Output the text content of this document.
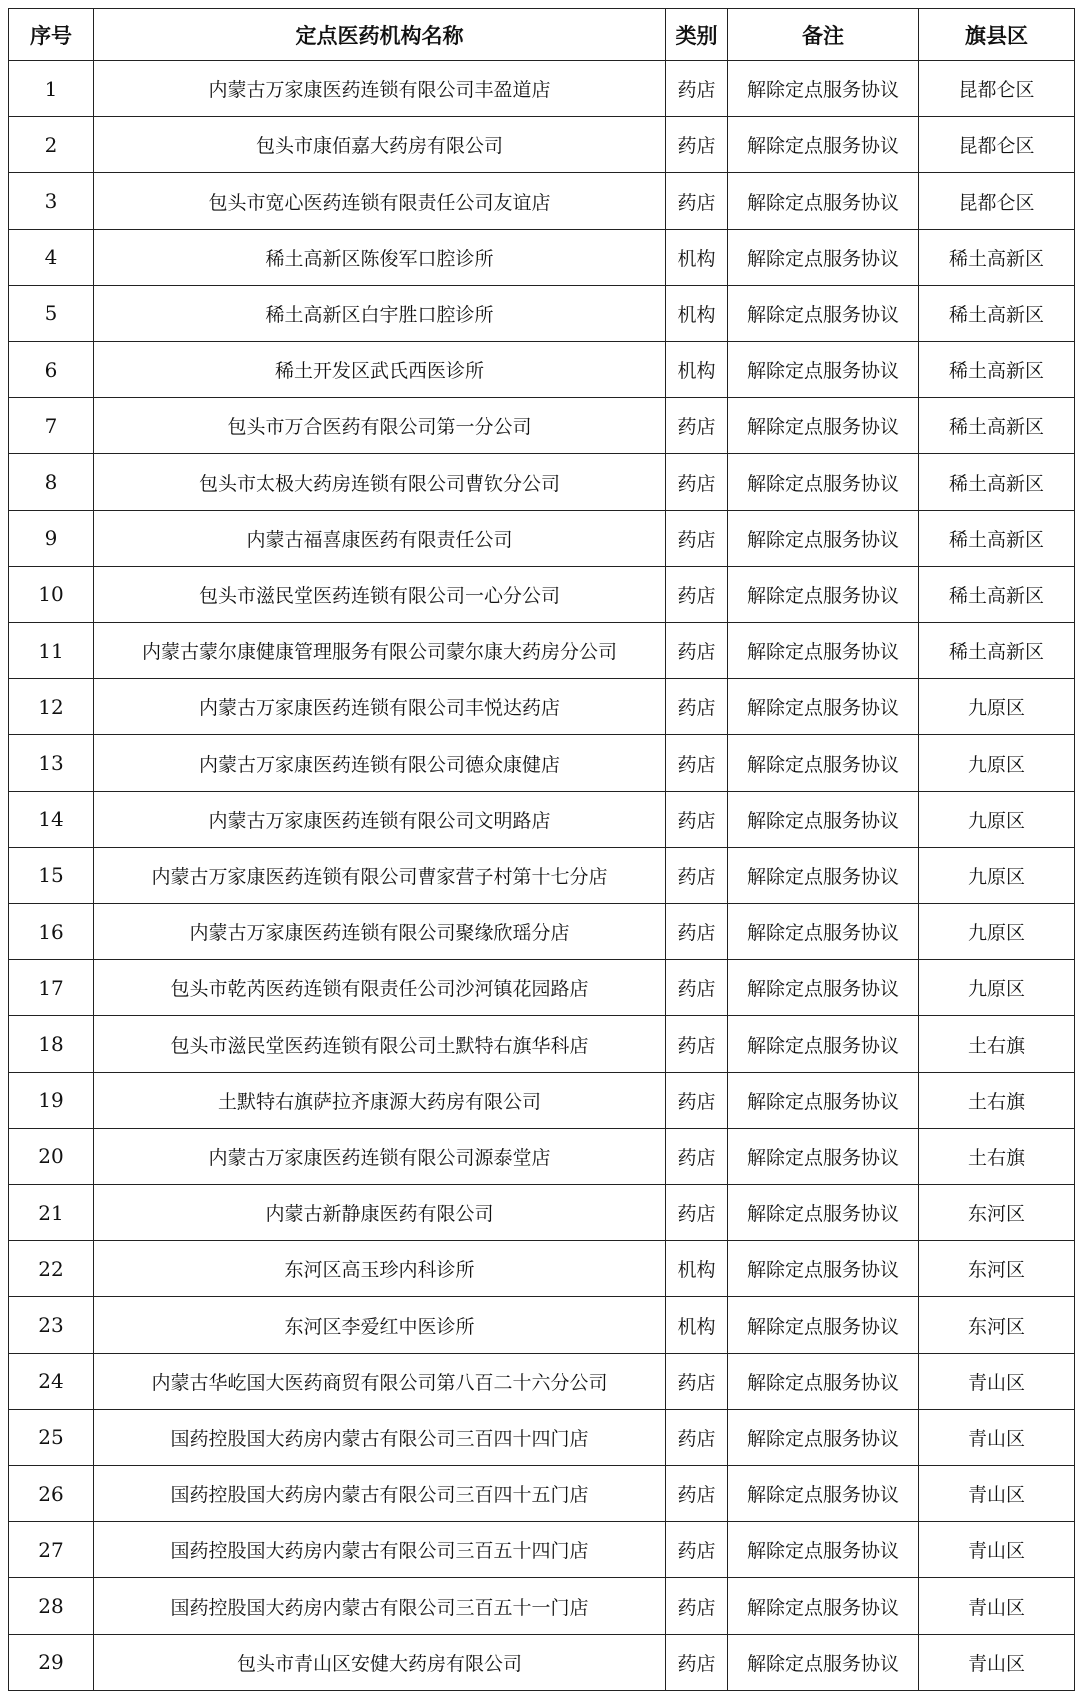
序号	定点医药机构名称	类别	备注	旗县区
1	内蒙古万家康医药连锁有限公司丰盈道店	药店	解除定点服务协议	昆都仑区
2	包头市康佰嘉大药房有限公司	药店	解除定点服务协议	昆都仑区
3	包头市宽心医药连锁有限责任公司友谊店	药店	解除定点服务协议	昆都仑区
4	稀土高新区陈俊军口腔诊所	机构	解除定点服务协议	稀土高新区
5	稀土高新区白宇胜口腔诊所	机构	解除定点服务协议	稀土高新区
6	稀土开发区武氏西医诊所	机构	解除定点服务协议	稀土高新区
7	包头市万合医药有限公司第一分公司	药店	解除定点服务协议	稀土高新区
8	包头市太极大药房连锁有限公司曹钦分公司	药店	解除定点服务协议	稀土高新区
9	内蒙古福喜康医药有限责任公司	药店	解除定点服务协议	稀土高新区
10	包头市滋民堂医药连锁有限公司一心分公司	药店	解除定点服务协议	稀土高新区
11	内蒙古蒙尔康健康管理服务有限公司蒙尔康大药房分公司	药店	解除定点服务协议	稀土高新区
12	内蒙古万家康医药连锁有限公司丰悦达药店	药店	解除定点服务协议	九原区
13	内蒙古万家康医药连锁有限公司德众康健店	药店	解除定点服务协议	九原区
14	内蒙古万家康医药连锁有限公司文明路店	药店	解除定点服务协议	九原区
15	内蒙古万家康医药连锁有限公司曹家营子村第十七分店	药店	解除定点服务协议	九原区
16	内蒙古万家康医药连锁有限公司聚缘欣瑶分店	药店	解除定点服务协议	九原区
17	包头市乾芮医药连锁有限责任公司沙河镇花园路店	药店	解除定点服务协议	九原区
18	包头市滋民堂医药连锁有限公司土默特右旗华科店	药店	解除定点服务协议	土右旗
19	土默特右旗萨拉齐康源大药房有限公司	药店	解除定点服务协议	土右旗
20	内蒙古万家康医药连锁有限公司源泰堂店	药店	解除定点服务协议	土右旗
21	内蒙古新静康医药有限公司	药店	解除定点服务协议	东河区
22	东河区高玉珍内科诊所	机构	解除定点服务协议	东河区
23	东河区李爱红中医诊所	机构	解除定点服务协议	东河区
24	内蒙古华屹国大医药商贸有限公司第八百二十六分公司	药店	解除定点服务协议	青山区
25	国药控股国大药房内蒙古有限公司三百四十四门店	药店	解除定点服务协议	青山区
26	国药控股国大药房内蒙古有限公司三百四十五门店	药店	解除定点服务协议	青山区
27	国药控股国大药房内蒙古有限公司三百五十四门店	药店	解除定点服务协议	青山区
28	国药控股国大药房内蒙古有限公司三百五十一门店	药店	解除定点服务协议	青山区
29	包头市青山区安健大药房有限公司	药店	解除定点服务协议	青山区
